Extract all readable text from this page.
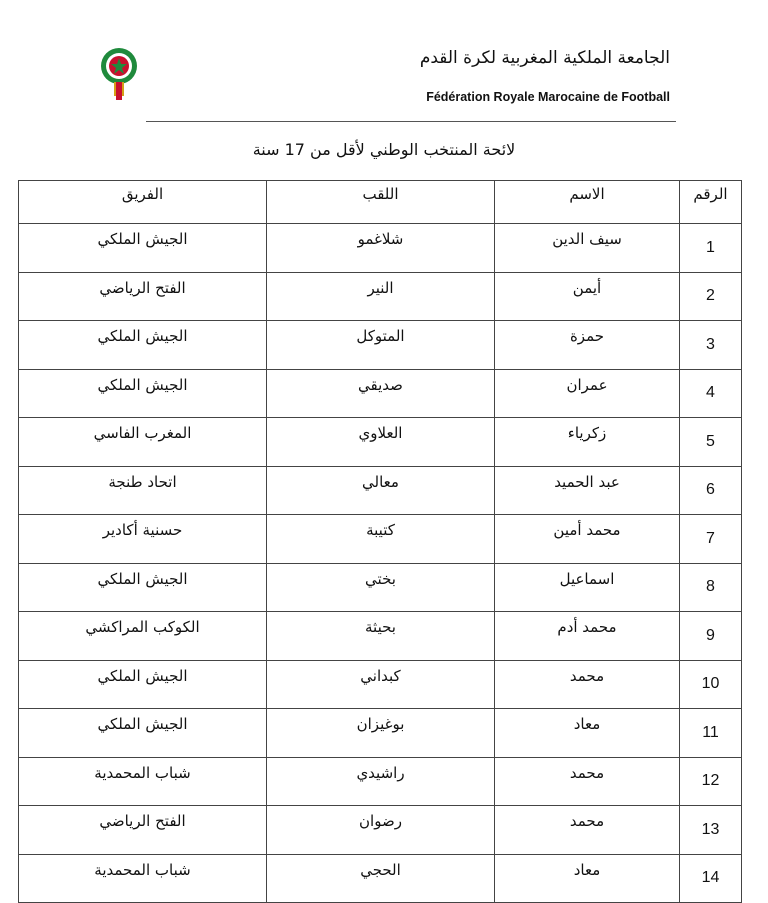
الجامعة الملكية المغربية لكرة القدم
Fédération Royale Marocaine de Football
لائحة المنتخب الوطني لأقل من 17 سنة
الرقم	الاسم	اللقب	الفريق
1	سيف الدين	شلاغمو	الجيش الملكي
2	أيمن	النير	الفتح الرياضي
3	حمزة	المتوكل	الجيش الملكي
4	عمران	صديقي	الجيش الملكي
5	زكرياء	العلاوي	المغرب الفاسي
6	عبد الحميد	معالي	اتحاد طنجة
7	محمد أمين	كتيبة	حسنية أكادير
8	اسماعيل	بختي	الجيش الملكي
9	محمد أدم	بحيثة	الكوكب المراكشي
10	محمد	كبداني	الجيش الملكي
11	معاد	بوغيزان	الجيش الملكي
12	محمد	راشيدي	شباب المحمدية
13	محمد	رضوان	الفتح الرياضي
14	معاد	الحجي	شباب المحمدية
